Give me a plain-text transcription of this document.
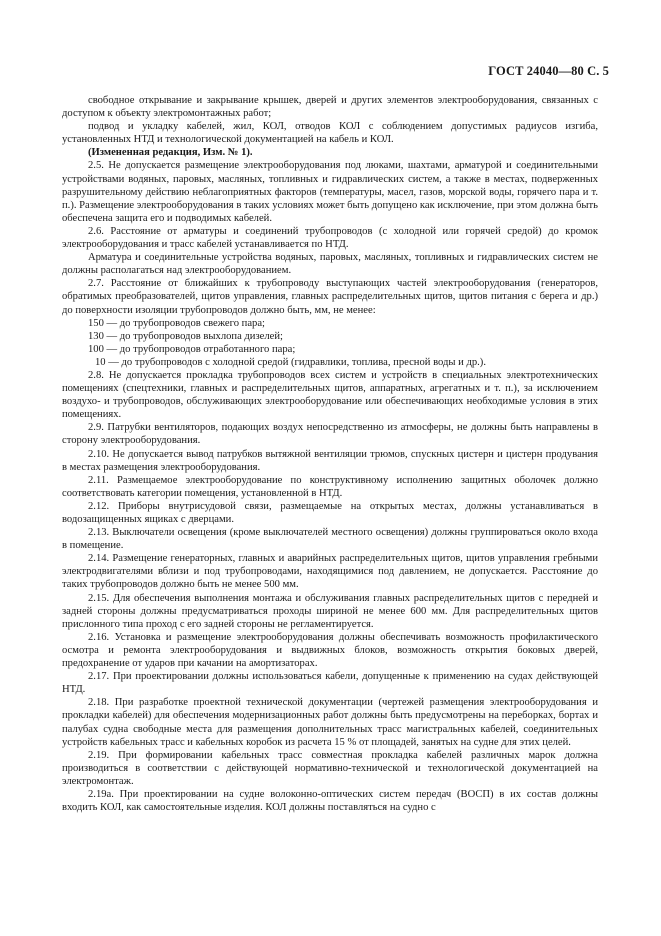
ГОСТ 24040—80 С. 5

свободное открывание и закрывание крышек, дверей и других элементов электрооборудования, связанных с доступом к объекту электромонтажных работ;

подвод и укладку кабелей, жил, КОЛ, отводов КОЛ с соблюдением допустимых радиусов изгиба, установленных НТД и технологической документацией на кабель и КОЛ.

(Измененная редакция, Изм. № 1).

2.5. Не допускается размещение электрооборудования под люками, шахтами, арматурой и соединительными устройствами водяных, паровых, масляных, топливных и гидравлических систем, а также в местах, подверженных разрушительному действию неблагоприятных факторов (температуры, масел, газов, морской воды, горячего пара и т. п.). Размещение электрооборудования в таких условиях может быть допущено как исключение, при этом должна быть обеспечена защита его и подводимых кабелей.

2.6. Расстояние от арматуры и соединений трубопроводов (с холодной или горячей средой) до кромок электрооборудования и трасс кабелей устанавливается по НТД.

Арматура и соединительные устройства водяных, паровых, масляных, топливных и гидравлических систем не должны располагаться над электрооборудованием.

2.7. Расстояние от ближайших к трубопроводу выступающих частей электрооборудования (генераторов, обратимых преобразователей, щитов управления, главных распределительных щитов, щитов питания с берега и др.) до поверхности изоляции трубопроводов должно быть, мм, не менее:

150 — до трубопроводов свежего пара;

130 — до трубопроводов выхлопа дизелей;

100 — до трубопроводов отработанного пара;

10 — до трубопроводов с холодной средой (гидравлики, топлива, пресной воды и др.).

2.8. Не допускается прокладка трубопроводов всех систем и устройств в специальных электротехнических помещениях (спецтехники, главных и распределительных щитов, аппаратных, агрегатных и т. п.), за исключением воздухо- и трубопроводов, обслуживающих электрооборудование или обеспечивающих необходимые условия в этих помещениях.

2.9. Патрубки вентиляторов, подающих воздух непосредственно из атмосферы, не должны быть направлены в сторону электрооборудования.

2.10. Не допускается вывод патрубков вытяжной вентиляции трюмов, спускных цистерн и цистерн продувания в местах размещения электрооборудования.

2.11. Размещаемое электрооборудование по конструктивному исполнению защитных оболочек должно соответствовать категории помещения, установленной в НТД.

2.12. Приборы внутрисудовой связи, размещаемые на открытых местах, должны устанавливаться в водозащищенных ящиках с дверцами.

2.13. Выключатели освещения (кроме выключателей местного освещения) должны группироваться около входа в помещение.

2.14. Размещение генераторных, главных и аварийных распределительных щитов, щитов управления гребными электродвигателями вблизи и под трубопроводами, находящимися под давлением, не допускается. Расстояние до таких трубопроводов должно быть не менее 500 мм.

2.15. Для обеспечения выполнения монтажа и обслуживания главных распределительных щитов с передней и задней стороны должны предусматриваться проходы шириной не менее 600 мм. Для распределительных щитов прислонного типа проход с его задней стороны не регламентируется.

2.16. Установка и размещение электрооборудования должны обеспечивать возможность профилактического осмотра и ремонта электрооборудования и выдвижных блоков, возможность открытия боковых дверей, предохранение от ударов при качании на амортизаторах.

2.17. При проектировании должны использоваться кабели, допущенные к применению на судах действующей НТД.

2.18. При разработке проектной технической документации (чертежей размещения электрооборудования и прокладки кабелей) для обеспечения модернизационных работ должны быть предусмотрены на переборках, бортах и палубах судна свободные места для размещения дополнительных трасс магистральных кабелей, соединительных устройств кабельных трасс и кабельных коробок из расчета 15 % от площадей, занятых на судне для этих целей.

2.19. При формировании кабельных трасс совместная прокладка кабелей различных марок должна производиться в соответствии с действующей нормативно-технической и технологической документацией на электромонтаж.

2.19а. При проектировании на судне волоконно-оптических систем передач (ВОСП) в их состав должны входить КОЛ, как самостоятельные изделия. КОЛ должны поставляться на судно с
